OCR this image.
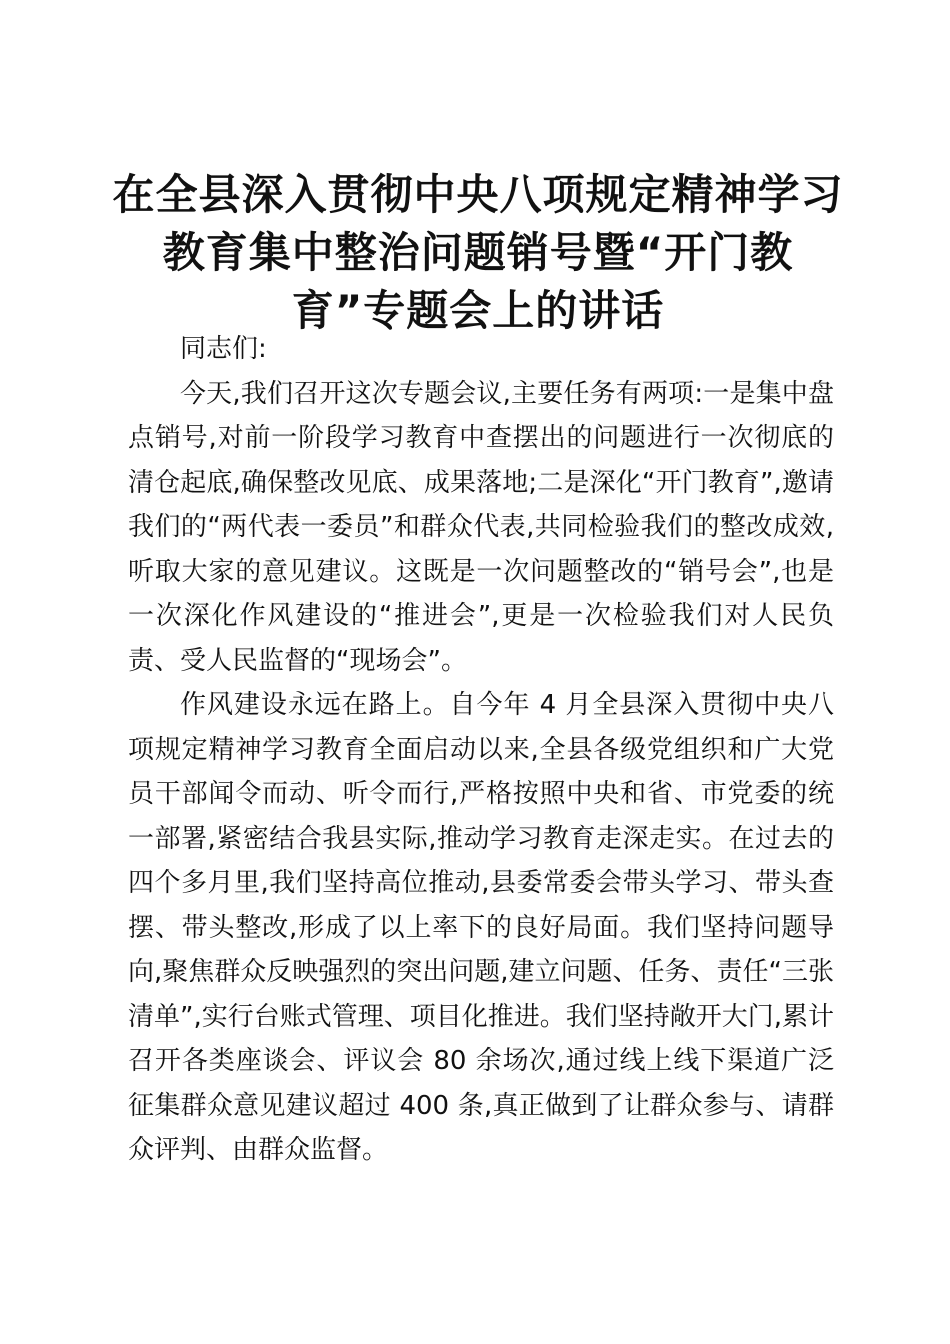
在全县深入贯彻中央八项规定精神学习
教育集中整治问题销号暨“开门教
育”专题会上的讲话

同志们:

今天,我们召开这次专题会议,主要任务有两项:一是集中盘点销号,对前一阶段学习教育中查摆出的问题进行一次彻底的清仓起底,确保整改见底、成果落地;二是深化“开门教育”,邀请我们的“两代表一委员”和群众代表,共同检验我们的整改成效,听取大家的意见建议。这既是一次问题整改的“销号会”,也是一次深化作风建设的“推进会”,更是一次检验我们对人民负责、受人民监督的“现场会”。

作风建设永远在路上。自今年 4 月全县深入贯彻中央八项规定精神学习教育全面启动以来,全县各级党组织和广大党员干部闻令而动、听令而行,严格按照中央和省、市党委的统一部署,紧密结合我县实际,推动学习教育走深走实。在过去的四个多月里,我们坚持高位推动,县委常委会带头学习、带头查摆、带头整改,形成了以上率下的良好局面。我们坚持问题导向,聚焦群众反映强烈的突出问题,建立问题、任务、责任“三张清单”,实行台账式管理、项目化推进。我们坚持敞开大门,累计召开各类座谈会、评议会 80 余场次,通过线上线下渠道广泛征集群众意见建议超过 400 条,真正做到了让群众参与、请群众评判、由群众监督。
